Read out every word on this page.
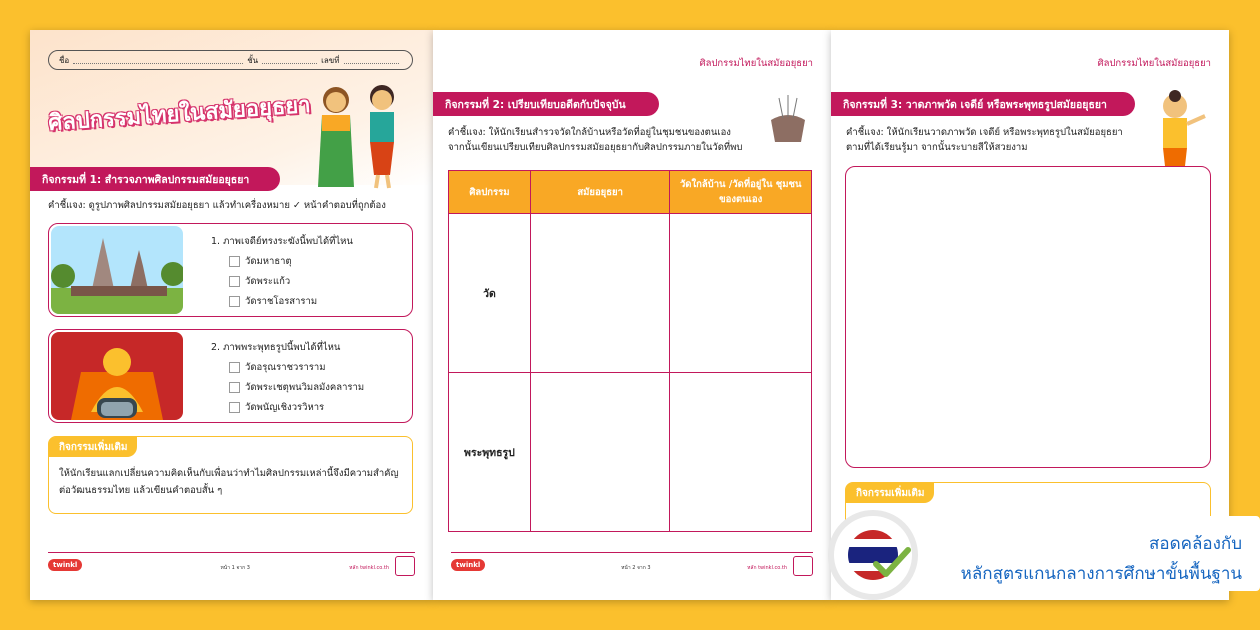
ชื่อ	ชั้น	เลขที่
ศิลปกรรมไทยในสมัยอยุธยา
กิจกรรมที่ 1: สำรวจภาพศิลปกรรมสมัยอยุธยา
คำชี้แจง: ดูรูปภาพศิลปกรรมสมัยอยุธยา แล้วทำเครื่องหมาย ✓ หน้าคำตอบที่ถูกต้อง
1. ภาพเจดีย์ทรงระฆังนี้พบได้ที่ไหน
วัดมหาธาตุ
วัดพระแก้ว
วัดราชโอรสาราม
2. ภาพพระพุทธรูปนี้พบได้ที่ไหน
วัดอรุณราชวราราม
วัดพระเชตุพนวิมลมังคลาราม
วัดพนัญเชิงวรวิหาร
กิจกรรมเพิ่มเติม
ให้นักเรียนแลกเปลี่ยนความคิดเห็นกับเพื่อนว่าทำไมศิลปกรรมเหล่านี้จึงมีความสำคัญต่อวัฒนธรรมไทย แล้วเขียนคำตอบสั้น ๆ
twinkl	หน้า 1 จาก 3	หลัก twinkl.co.th
ศิลปกรรมไทยในสมัยอยุธยา
กิจกรรมที่ 2: เปรียบเทียบอดีตกับปัจจุบัน
คำชี้แจง: ให้นักเรียนสำรวจวัดใกล้บ้านหรือวัดที่อยู่ในชุมชนของตนเอง
จากนั้นเขียนเปรียบเทียบศิลปกรรมสมัยอยุธยากับศิลปกรรมภายในวัดที่พบ
ศิลปกรรม	สมัยอยุธยา	วัดใกล้บ้าน /วัดที่อยู่ใน ชุมชนของตนเอง
วัด		
พระพุทธรูป		
twinkl	หน้า 2 จาก 3	หลัก twinkl.co.th
ศิลปกรรมไทยในสมัยอยุธยา
กิจกรรมที่ 3: วาดภาพวัด เจดีย์ หรือพระพุทธรูปสมัยอยุธยา
คำชี้แจง: ให้นักเรียนวาดภาพวัด เจดีย์ หรือพระพุทธรูปในสมัยอยุธยา
ตามที่ได้เรียนรู้มา จากนั้นระบายสีให้สวยงาม
กิจกรรมเพิ่มเติม
สอดคล้องกับ
หลักสูตรแกนกลางการศึกษาขั้นพื้นฐาน
